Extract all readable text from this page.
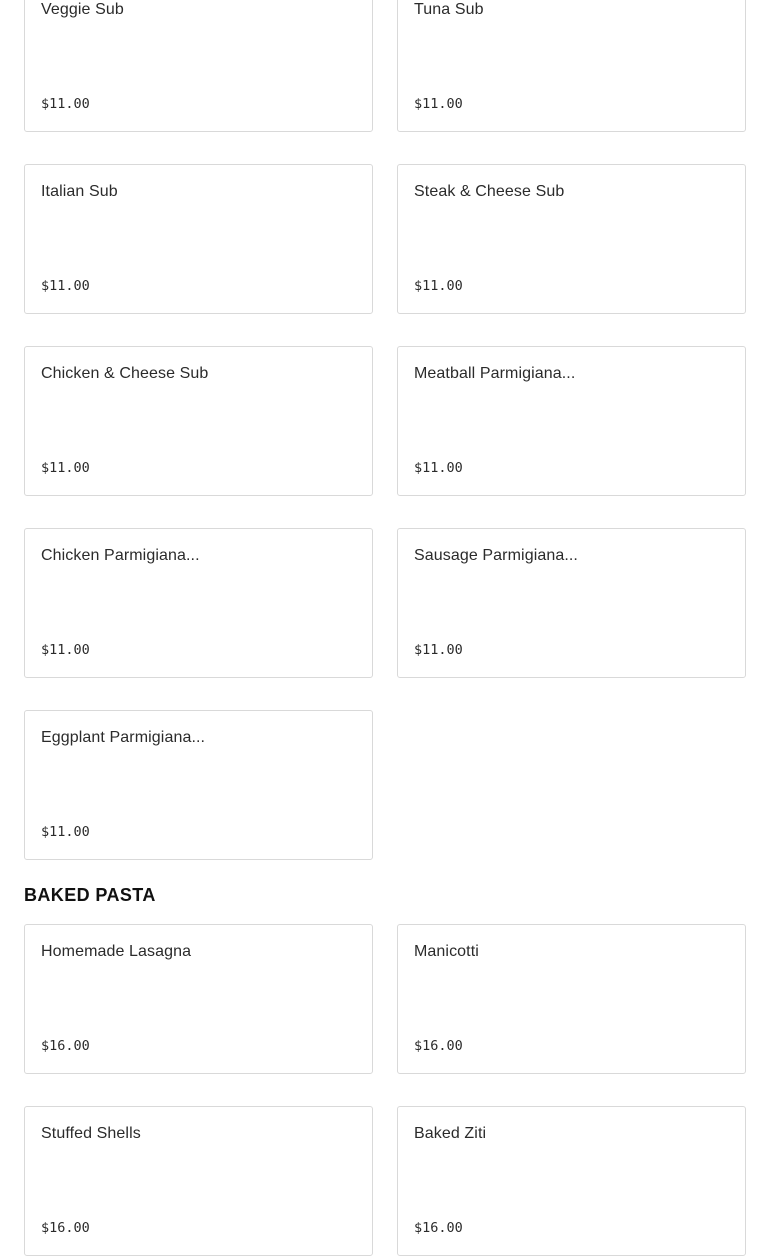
Veggie Sub
$11.00
Tuna Sub
$11.00
Italian Sub
$11.00
Steak & Cheese Sub
$11.00
Chicken & Cheese Sub
$11.00
Meatball Parmigiana...
$11.00
Chicken Parmigiana...
$11.00
Sausage Parmigiana...
$11.00
Eggplant Parmigiana...
$11.00
BAKED PASTA
Homemade Lasagna
$16.00
Manicotti
$16.00
Stuffed Shells
$16.00
Baked Ziti
$16.00
